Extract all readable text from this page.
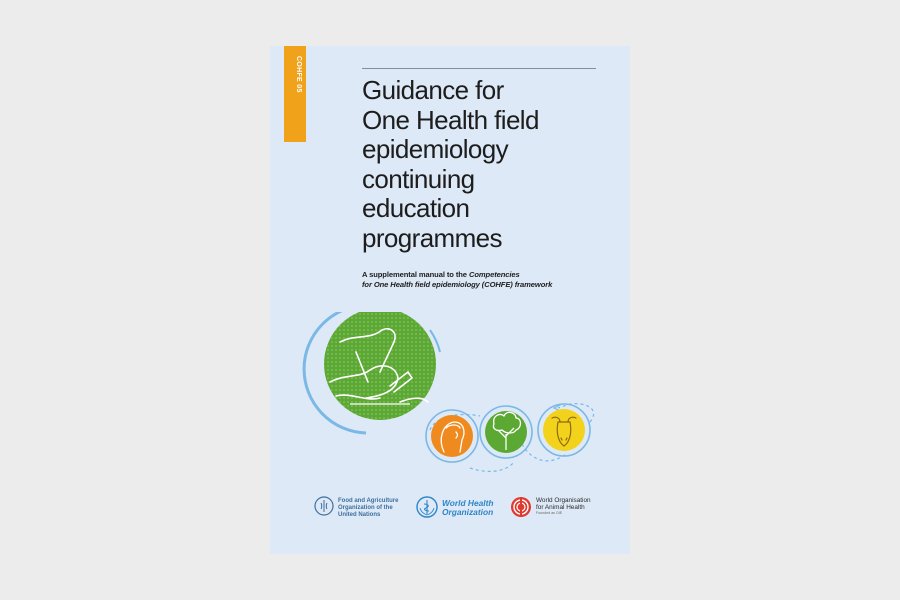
COHFE 05 Guidance for
One Health field
epidemiology
continuing
education
programmes
A supplemental manual to the Competencies
for One Health field epidemiology (COHFE) framework
Food and Agriculture
Organization of the
United Nations
World Health
Organization
World Organisation
for Animal Health
Founded as OIE
